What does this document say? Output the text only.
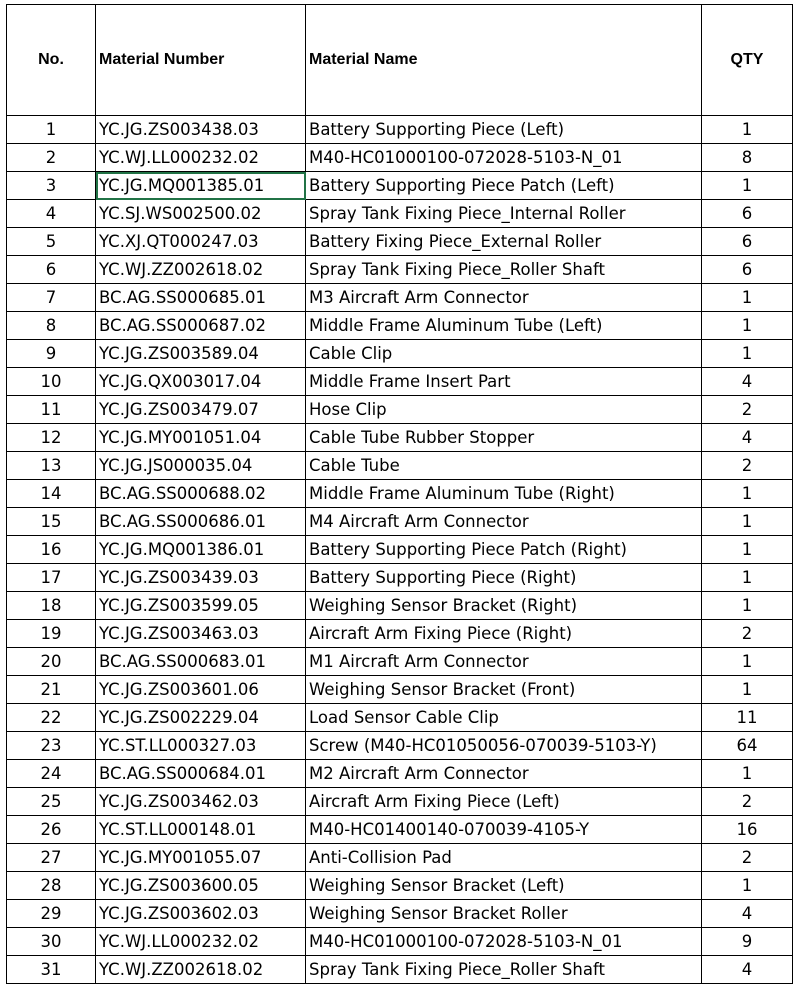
No.	Material Number	Material Name	QTY
1	YC.JG.ZS003438.03	Battery Supporting Piece (Left)	1
2	YC.WJ.LL000232.02	M40-HC01000100-072028-5103-N_01	8
3	YC.JG.MQ001385.01	Battery Supporting Piece Patch (Left)	1
4	YC.SJ.WS002500.02	Spray Tank Fixing Piece_Internal Roller	6
5	YC.XJ.QT000247.03	Battery Fixing Piece_External Roller	6
6	YC.WJ.ZZ002618.02	Spray Tank Fixing Piece_Roller Shaft	6
7	BC.AG.SS000685.01	M3 Aircraft Arm Connector	1
8	BC.AG.SS000687.02	Middle Frame Aluminum Tube (Left)	1
9	YC.JG.ZS003589.04	Cable Clip	1
10	YC.JG.QX003017.04	Middle Frame Insert Part	4
11	YC.JG.ZS003479.07	Hose Clip	2
12	YC.JG.MY001051.04	Cable Tube Rubber Stopper	4
13	YC.JG.JS000035.04	Cable Tube	2
14	BC.AG.SS000688.02	Middle Frame Aluminum Tube (Right)	1
15	BC.AG.SS000686.01	M4 Aircraft Arm Connector	1
16	YC.JG.MQ001386.01	Battery Supporting Piece Patch (Right)	1
17	YC.JG.ZS003439.03	Battery Supporting Piece (Right)	1
18	YC.JG.ZS003599.05	Weighing Sensor Bracket (Right)	1
19	YC.JG.ZS003463.03	Aircraft Arm Fixing Piece (Right)	2
20	BC.AG.SS000683.01	M1 Aircraft Arm Connector	1
21	YC.JG.ZS003601.06	Weighing Sensor Bracket (Front)	1
22	YC.JG.ZS002229.04	Load Sensor Cable Clip	11
23	YC.ST.LL000327.03	Screw (M40-HC01050056-070039-5103-Y)	64
24	BC.AG.SS000684.01	M2 Aircraft Arm Connector	1
25	YC.JG.ZS003462.03	Aircraft Arm Fixing Piece (Left)	2
26	YC.ST.LL000148.01	M40-HC01400140-070039-4105-Y	16
27	YC.JG.MY001055.07	Anti-Collision Pad	2
28	YC.JG.ZS003600.05	Weighing Sensor Bracket (Left)	1
29	YC.JG.ZS003602.03	Weighing Sensor Bracket Roller	4
30	YC.WJ.LL000232.02	M40-HC01000100-072028-5103-N_01	9
31	YC.WJ.ZZ002618.02	Spray Tank Fixing Piece_Roller Shaft	4
